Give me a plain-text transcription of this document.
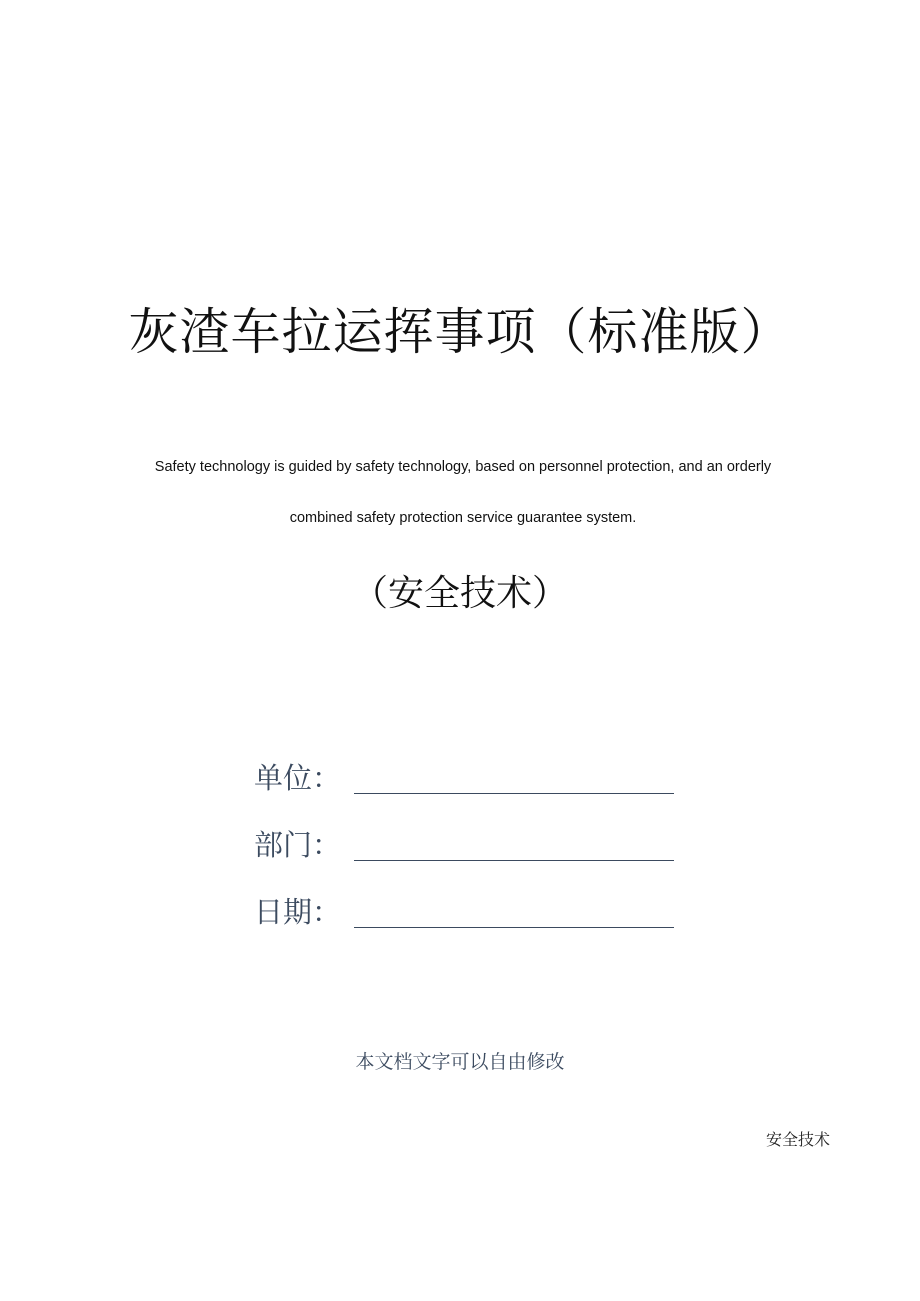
灰渣车拉运挥事项（标准版）
Safety technology is guided by safety technology, based on personnel protection, and an orderly combined safety protection service guarantee system.
（安全技术）
单位：
部门：
日期：
本文档文字可以自由修改
安全技术
